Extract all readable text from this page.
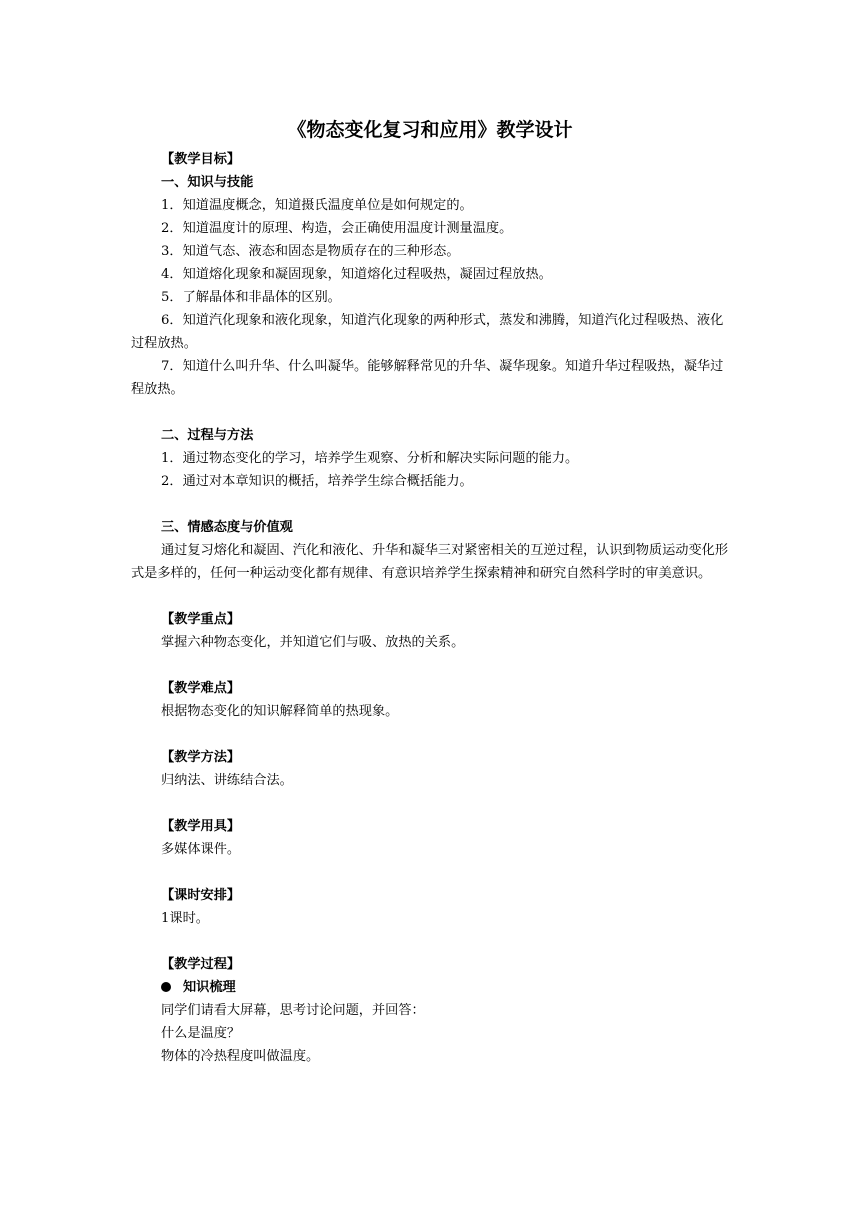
《物态变化复习和应用》教学设计

【教学目标】

一、知识与技能

1．知道温度概念，知道摄氏温度单位是如何规定的。

2．知道温度计的原理、构造，会正确使用温度计测量温度。

3．知道气态、液态和固态是物质存在的三种形态。

4．知道熔化现象和凝固现象，知道熔化过程吸热，凝固过程放热。

5．了解晶体和非晶体的区别。

6．知道汽化现象和液化现象，知道汽化现象的两种形式，蒸发和沸腾，知道汽化过程吸热、液化过程放热。

7．知道什么叫升华、什么叫凝华。能够解释常见的升华、凝华现象。知道升华过程吸热，凝华过程放热。

二、过程与方法

1．通过物态变化的学习，培养学生观察、分析和解决实际问题的能力。

2．通过对本章知识的概括，培养学生综合概括能力。

三、情感态度与价值观

通过复习熔化和凝固、汽化和液化、升华和凝华三对紧密相关的互逆过程，认识到物质运动变化形式是多样的，任何一种运动变化都有规律、有意识培养学生探索精神和研究自然科学时的审美意识。

【教学重点】

掌握六种物态变化，并知道它们与吸、放热的关系。

【教学难点】

根据物态变化的知识解释简单的热现象。

【教学方法】

归纳法、讲练结合法。

【教学用具】

多媒体课件。

【课时安排】

1课时。

【教学过程】

知识梳理

同学们请看大屏幕，思考讨论问题，并回答：

什么是温度？

物体的冷热程度叫做温度。
